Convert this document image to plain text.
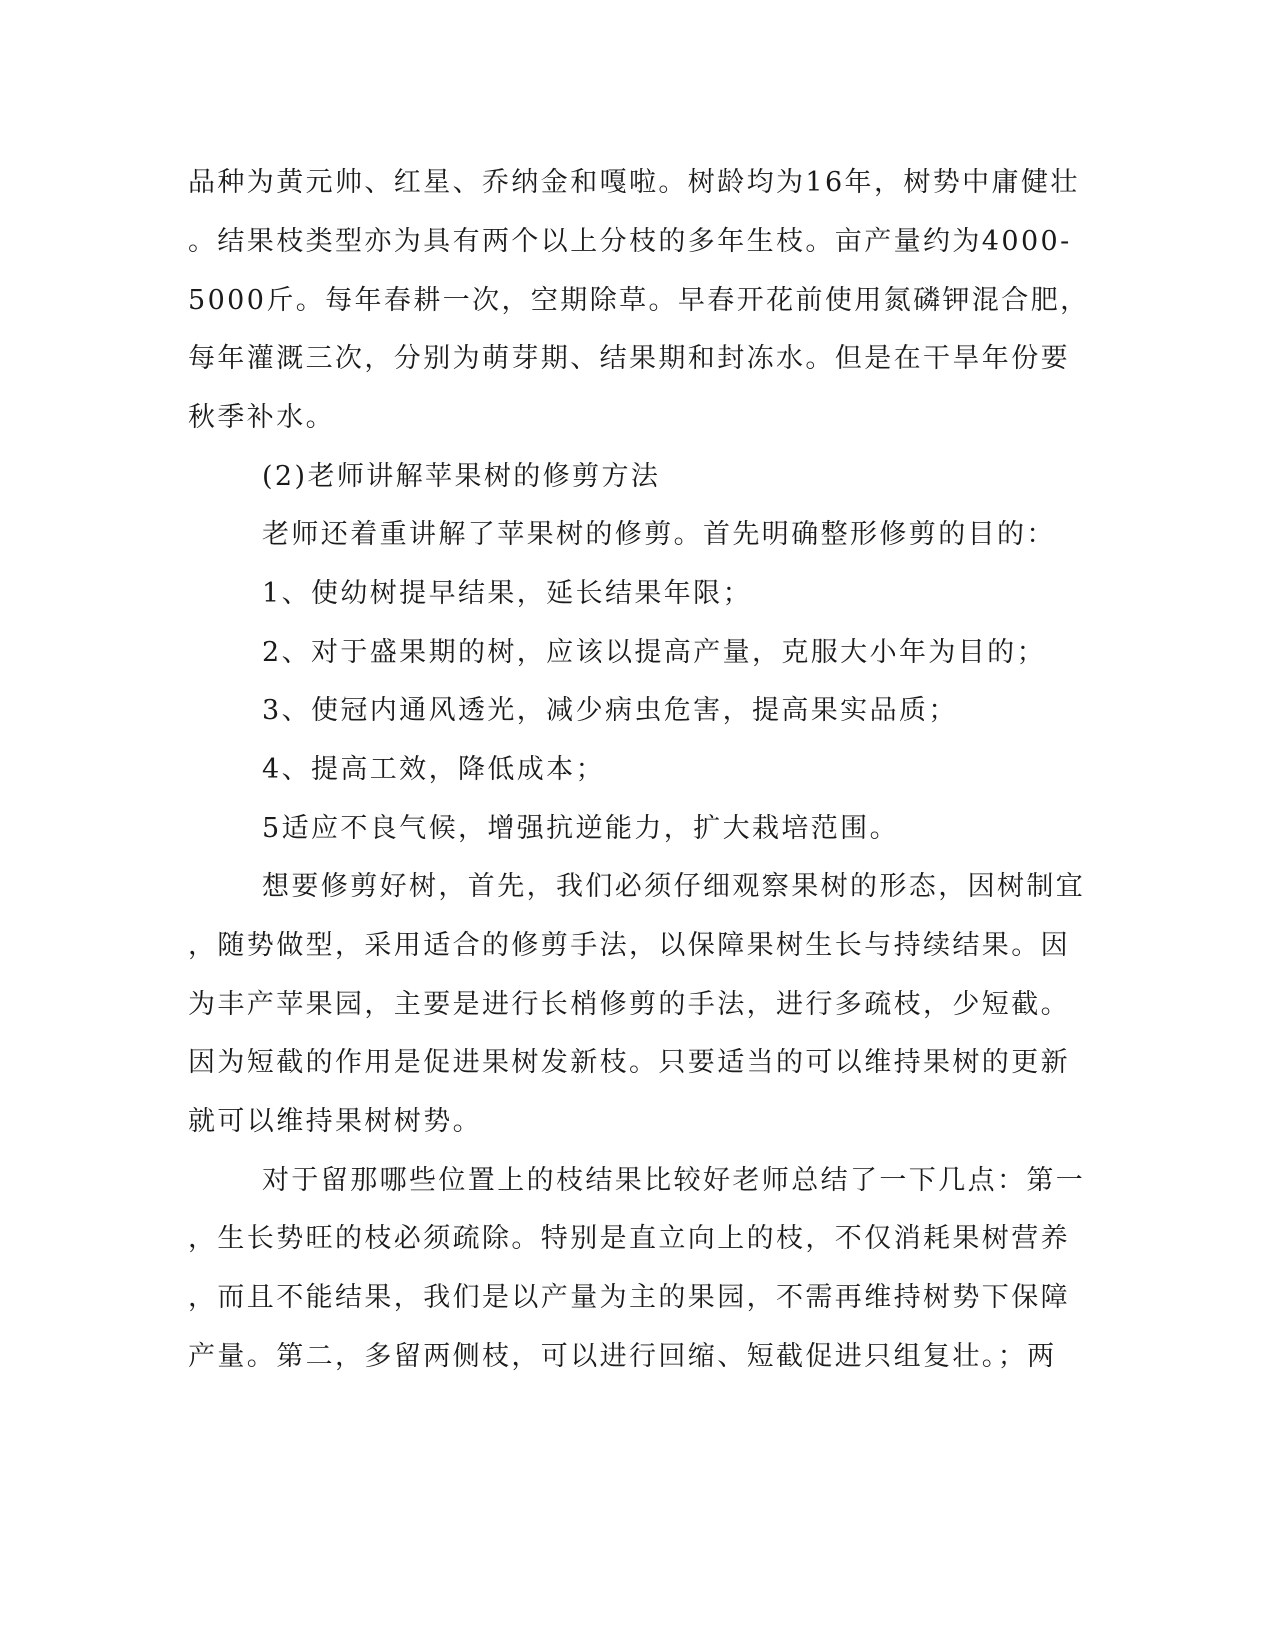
品种为黄元帅、红星、乔纳金和嘎啦。树龄均为16年，树势中庸健壮
。结果枝类型亦为具有两个以上分枝的多年生枝。亩产量约为4000-
5000斤。每年春耕一次，空期除草。早春开花前使用氮磷钾混合肥，
每年灌溉三次，分别为萌芽期、结果期和封冻水。但是在干旱年份要
秋季补水。
(2)老师讲解苹果树的修剪方法
老师还着重讲解了苹果树的修剪。首先明确整形修剪的目的：
1、使幼树提早结果，延长结果年限；
2、对于盛果期的树，应该以提高产量，克服大小年为目的；
3、使冠内通风透光，减少病虫危害，提高果实品质；
4、提高工效，降低成本；
5适应不良气候，增强抗逆能力，扩大栽培范围。
想要修剪好树，首先，我们必须仔细观察果树的形态，因树制宜
，随势做型，采用适合的修剪手法，以保障果树生长与持续结果。因
为丰产苹果园，主要是进行长梢修剪的手法，进行多疏枝，少短截。
因为短截的作用是促进果树发新枝。只要适当的可以维持果树的更新
就可以维持果树树势。
对于留那哪些位置上的枝结果比较好老师总结了一下几点：第一
，生长势旺的枝必须疏除。特别是直立向上的枝，不仅消耗果树营养
，而且不能结果，我们是以产量为主的果园，不需再维持树势下保障
产量。第二，多留两侧枝，可以进行回缩、短截促进只组复壮。；两
